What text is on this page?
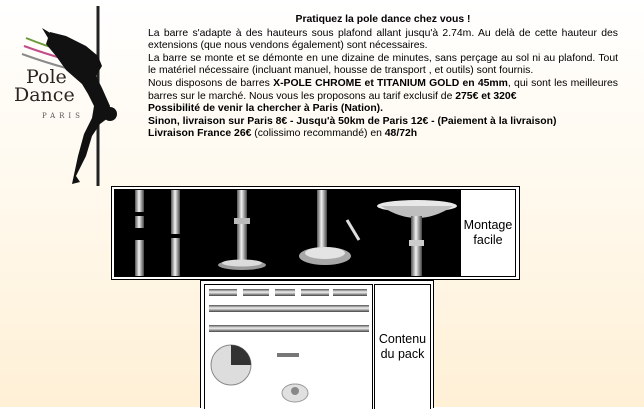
Pole
Dance
PARIS

Pratiquez la pole dance chez vous !

La barre s'adapte à des hauteurs sous plafond allant jusqu'à 2.74m. Au delà de cette hauteur des extensions (que nous vendons également) sont nécessaires.

La barre se monte et se démonte en une dizaine de minutes, sans perçage au sol ni au plafond. Tout le matériel nécessaire (incluant manuel, housse de transport , et outils) sont fournis.

Nous disposons de barres X-POLE CHROME et TITANIUM GOLD en 45mm, qui sont les meilleures barres sur le marché. Nous vous les proposons au tarif exclusif de 275€ et 320€

Possibilité de venir la chercher à Paris (Nation).

Sinon, livraison sur Paris 8€ - Jusqu'à 50km de Paris 12€ - (Paiement à la livraison)

Livraison France 26€ (colissimo recommandé) en 48/72h

Montage
facile
Contenu
du pack
